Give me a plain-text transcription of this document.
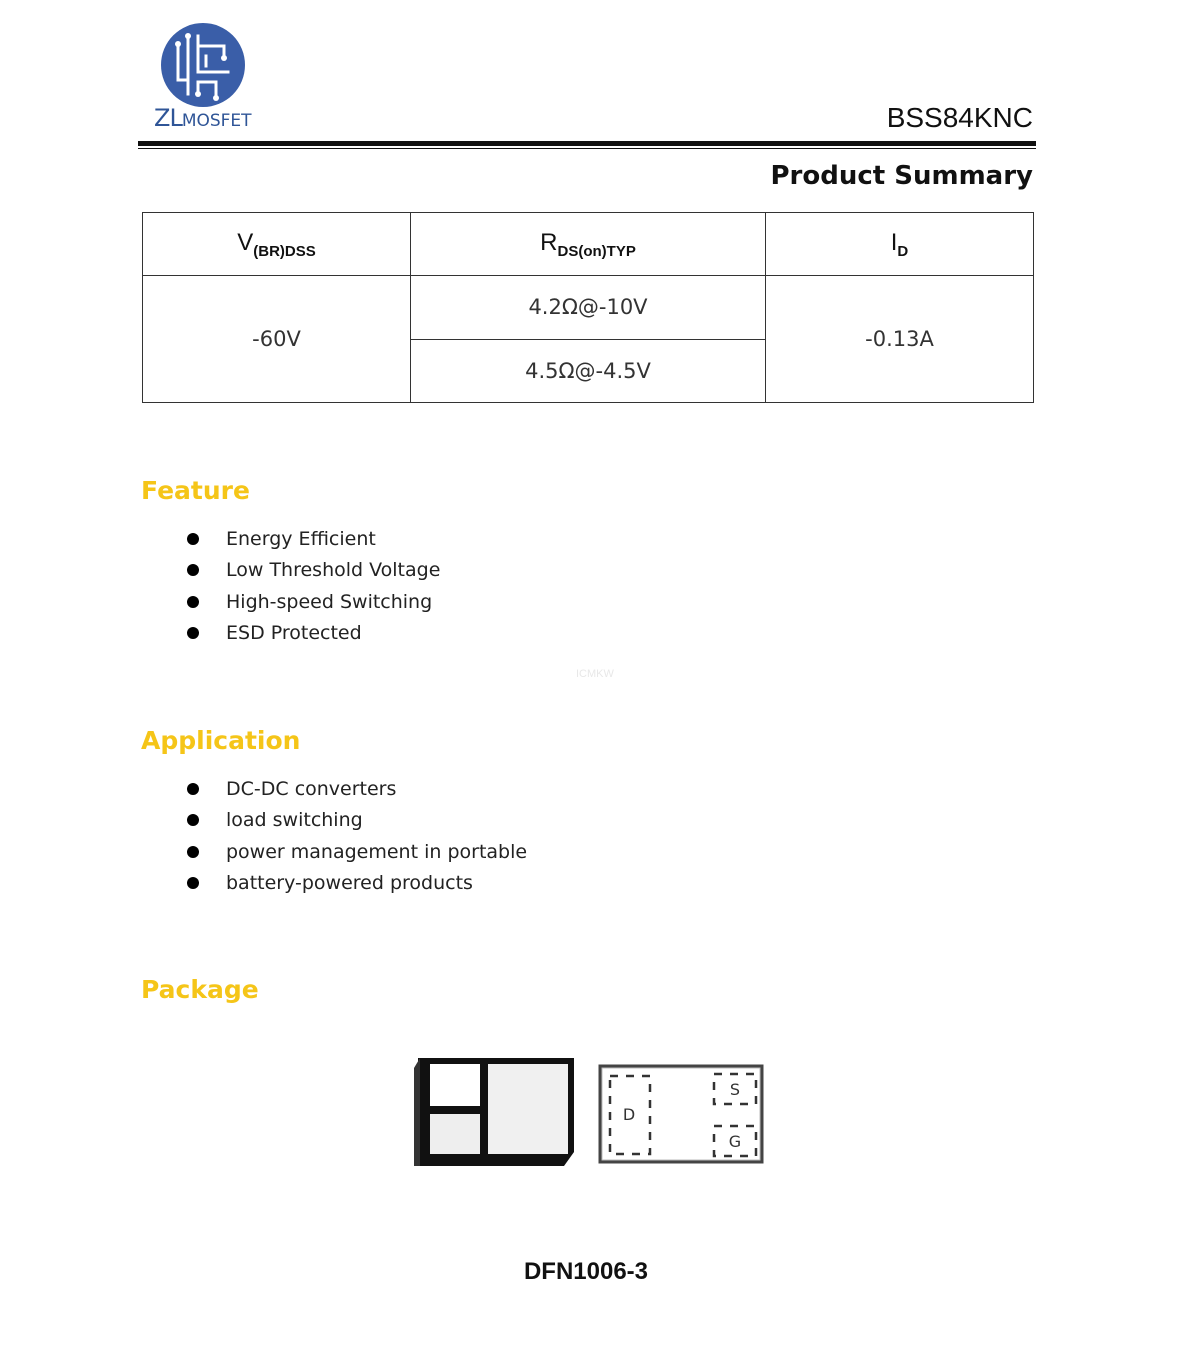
ZLMOSFET	BSS84KNC
Product Summary
$V_{(BR)DSS}$	$R_{DS(on)TYP}$	$I_D$
-60V	4.2Ω@-10V	-0.13A
	4.5Ω@-4.5V	
Feature
Energy Efficient
Low Threshold Voltage
High-speed Switching
ESD Protected
ICMKW
Application
DC-DC converters
load switching
power management in portable
battery-powered products
Package
D
S
G
DFN1006-3
